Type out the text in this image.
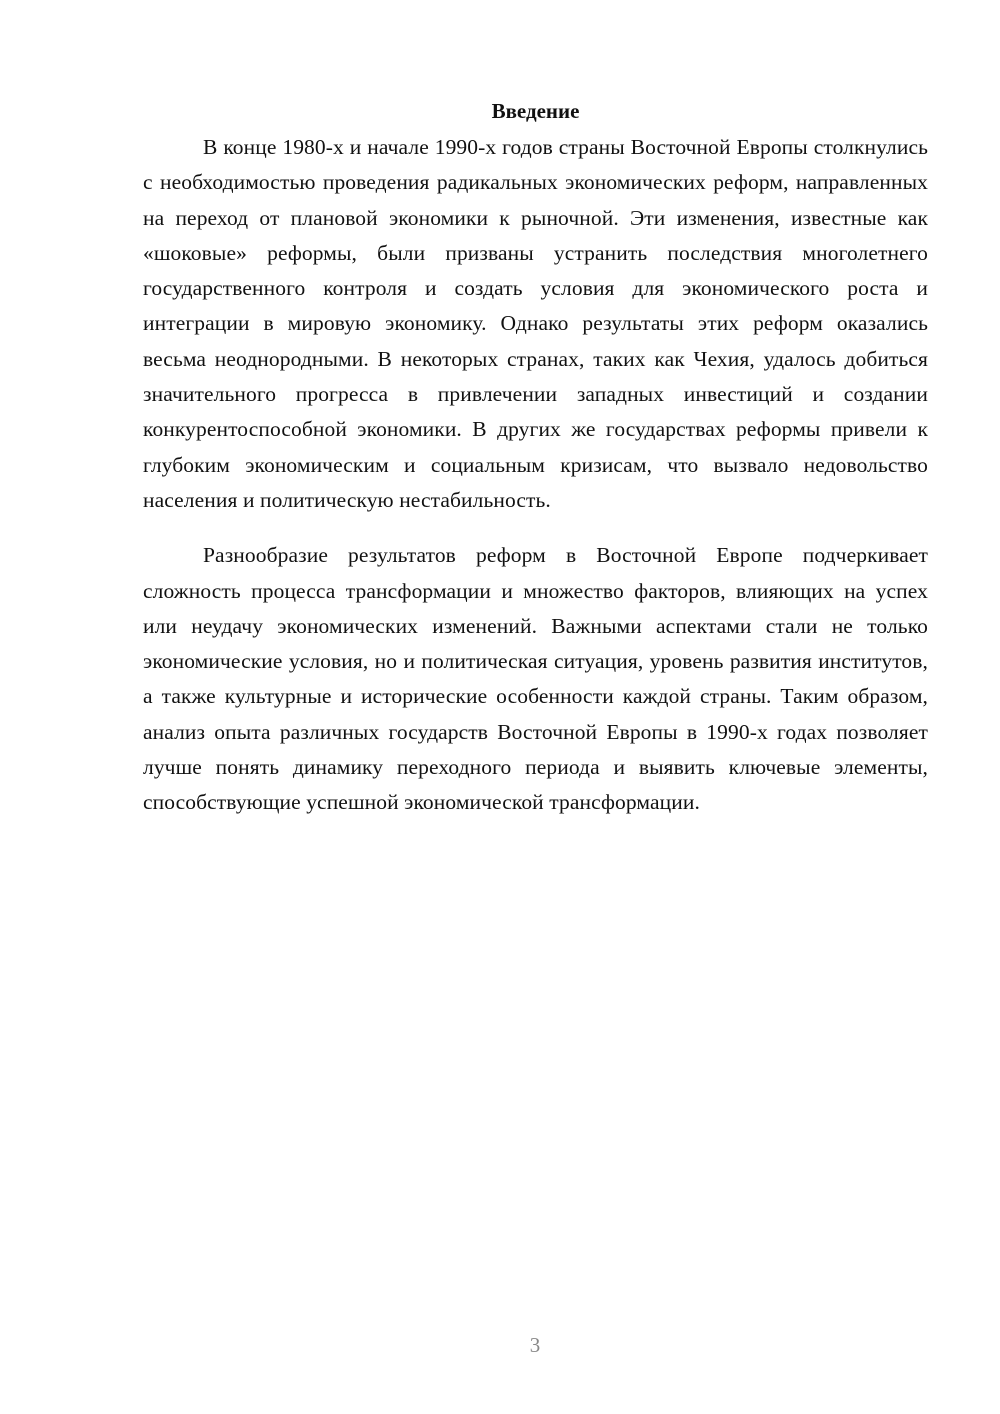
Введение

В конце 1980-х и начале 1990-х годов страны Восточной Европы столкнулись с необходимостью проведения радикальных экономических реформ, направленных на переход от плановой экономики к рыночной. Эти изменения, известные как «шоковые» реформы, были призваны устранить последствия многолетнего государственного контроля и создать условия для экономического роста и интеграции в мировую экономику. Однако результаты этих реформ оказались весьма неоднородными. В некоторых странах, таких как Чехия, удалось добиться значительного прогресса в привлечении западных инвестиций и создании конкурентоспособной экономики. В других же государствах реформы привели к глубоким экономическим и социальным кризисам, что вызвало недовольство населения и политическую нестабильность.

Разнообразие результатов реформ в Восточной Европе подчеркивает сложность процесса трансформации и множество факторов, влияющих на успех или неудачу экономических изменений. Важными аспектами стали не только экономические условия, но и политическая ситуация, уровень развития институтов, а также культурные и исторические особенности каждой страны. Таким образом, анализ опыта различных государств Восточной Европы в 1990-х годах позволяет лучше понять динамику переходного периода и выявить ключевые элементы, способствующие успешной экономической трансформации.

3
